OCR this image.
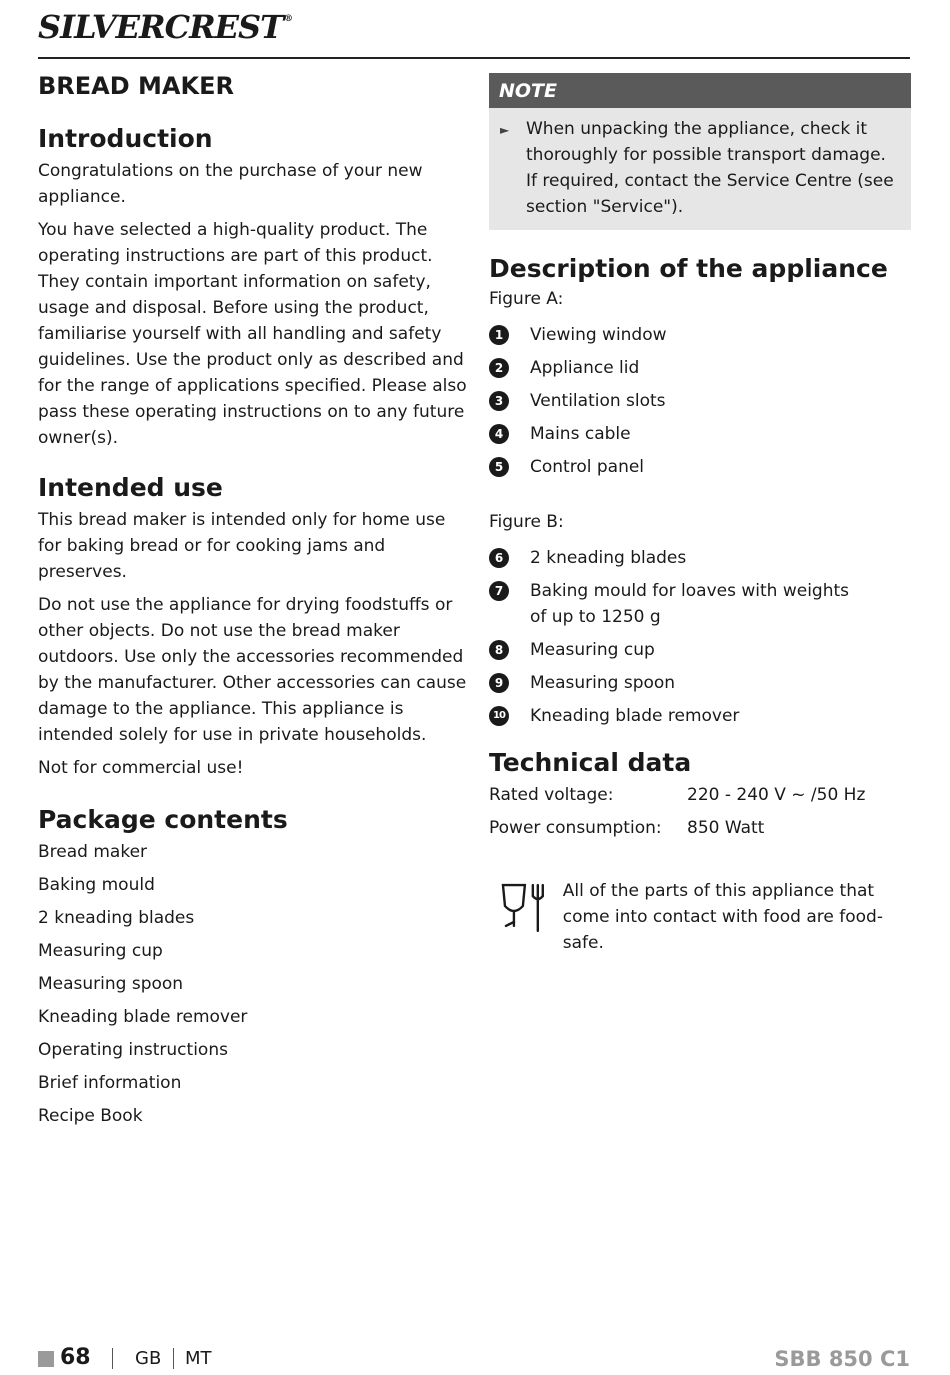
SILVERCREST®
BREAD MAKER
Introduction

Congratulations on the purchase of your new appliance.

You have selected a high-quality product. The operating instructions are part of this product. They contain important information on safety, usage and disposal. Before using the product, familiarise yourself with all handling and safety guidelines. Use the product only as described and for the range of applications specified. Please also pass these operating instructions on to any future owner(s).

Intended use

This bread maker is intended only for home use for baking bread or for cooking jams and preserves.

Do not use the appliance for drying foodstuffs or other objects. Do not use the bread maker outdoors. Use only the accessories recommended by the manufacturer. Other accessories can cause damage to the appliance. This appliance is intended solely for use in private households.

Not for commercial use!

Package contents
Bread maker
Baking mould
2 kneading blades
Measuring cup
Measuring spoon
Kneading blade remover
Operating instructions
Brief information
Recipe Book
NOTE
► When unpacking the appliance, check it thoroughly for possible transport damage. If required, contact the Service Centre (see section "Service").
Description of the appliance

Figure A:

1	Viewing window
2	Appliance lid
3	Ventilation slots
4	Mains cable
5	Control panel

Figure B:

6	2 kneading blades
7	Baking mould for loaves with weights of up to 1250 g
8	Measuring cup
9	Measuring spoon
10 Kneading blade remover
Technical data
Rated voltage:	220 - 240 V ~ /50 Hz
Power consumption:	850 Watt
All of the parts of this appliance that come into contact with food are food-safe.
68 GB MT	SBB 850 C1
